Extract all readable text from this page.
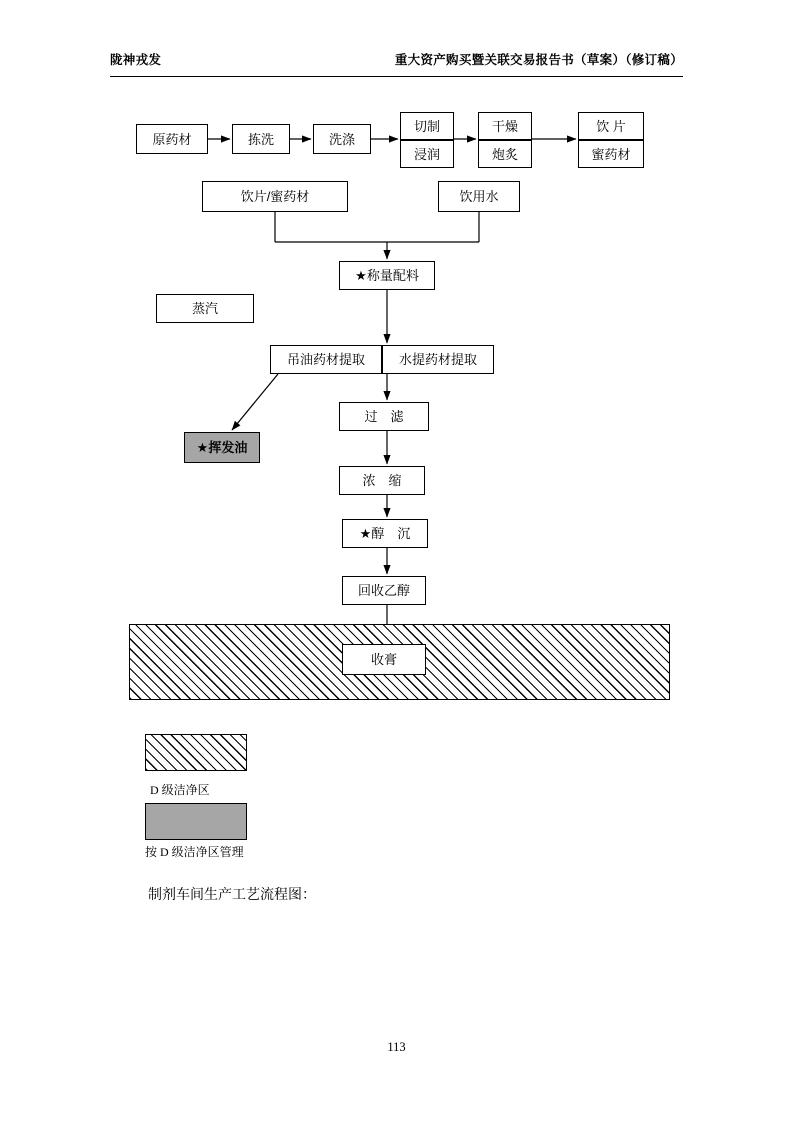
陇神戎发	重大资产购买暨关联交易报告书（草案）（修订稿）
原药材	拣洗	洗涤
切制
浸润
干燥
炮炙
饮 片
蜜药材
饮片/蜜药材	饮用水
★称量配料
蒸汽
吊油药材提取	水提药材提取
过　滤
★挥发油
浓　缩
★醇　沉
回收乙醇
收膏
D 级洁净区
按 D 级洁净区管理
制剂车间生产工艺流程图：
113
